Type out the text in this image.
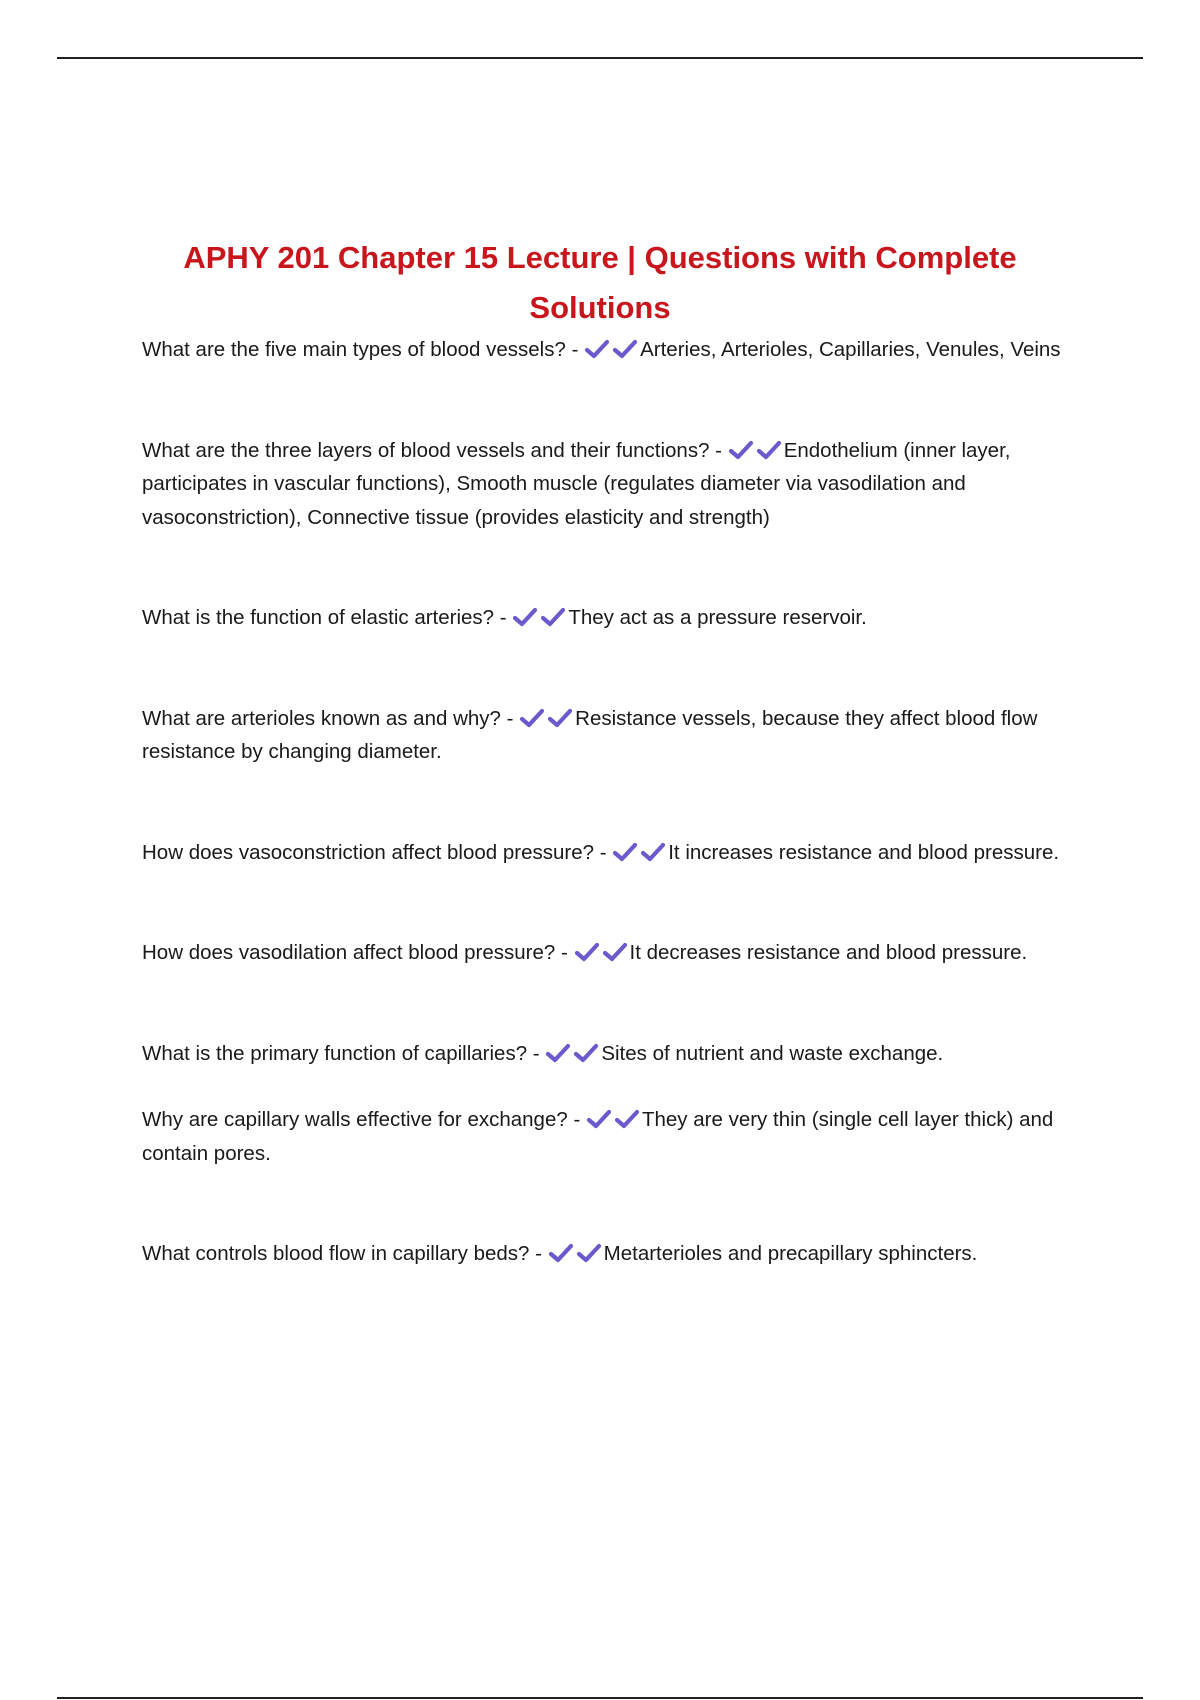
APHY 201 Chapter 15 Lecture | Questions with Complete Solutions

What are the five main types of blood vessels? -	Arteries, Arterioles, Capillaries, Venules, Veins

What are the three layers of blood vessels and their functions? -	Endothelium (inner layer, participates in vascular functions), Smooth muscle (regulates diameter via vasodilation and vasoconstriction), Connective tissue (provides elasticity and strength)

What is the function of elastic arteries? -	They act as a pressure reservoir.

What are arterioles known as and why? -	Resistance vessels, because they affect blood flow resistance by changing diameter.

How does vasoconstriction affect blood pressure? -	It increases resistance and blood pressure.

How does vasodilation affect blood pressure? -	It decreases resistance and blood pressure.

What is the primary function of capillaries? -	Sites of nutrient and waste exchange.

Why are capillary walls effective for exchange? -	They are very thin (single cell layer thick) and contain pores.

What controls blood flow in capillary beds? -	Metarterioles and precapillary sphincters.
